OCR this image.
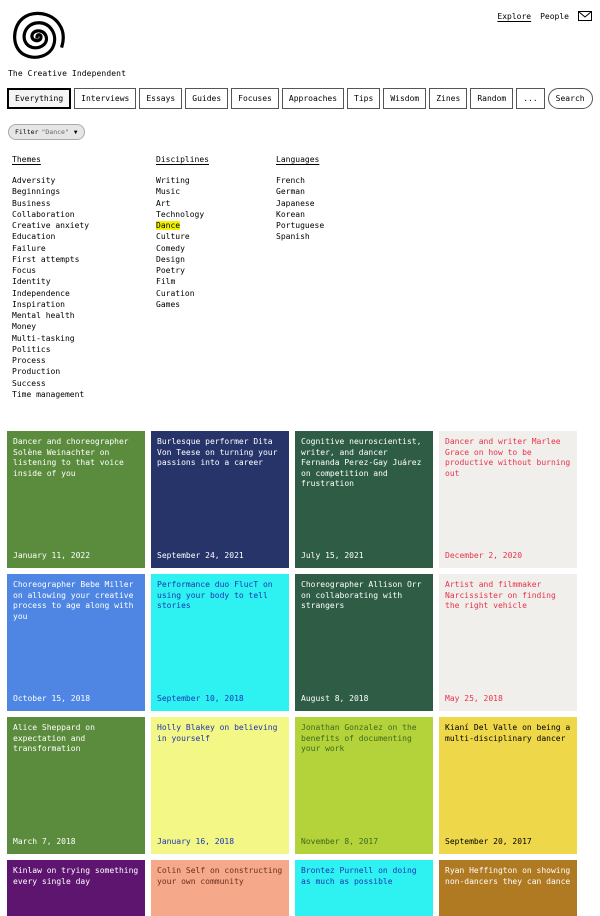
The Creative Independent
Explore People
Everything	Interviews	Essays	Guides	Focuses	Approaches	Tips	Wisdom	Zines	Random	...	Search
Filter "Dance" ▼
Themes
Adversity
Beginnings
Business
Collaboration
Creative anxiety
Education
Failure
First attempts
Focus
Identity
Independence
Inspiration
Mental health
Money
Multi-tasking
Politics
Process
Production
Success
Time management
Disciplines
Writing
Music
Art
Technology
Dance
Culture
Comedy
Design
Poetry
Film
Curation
Games
Languages
French
German
Japanese
Korean
Portuguese
Spanish
Dancer and choreographer Solène Weinachter on listening to that voice inside of you
January 11, 2022
Burlesque performer Dita Von Teese on turning your passions into a career
September 24, 2021
Cognitive neuroscientist, writer, and dancer Fernanda Perez-Gay Juárez on competition and frustration
July 15, 2021
Dancer and writer Marlee Grace on how to be productive without burning out
December 2, 2020
Choreographer Bebe Miller on allowing your creative process to age along with you
October 15, 2018
Performance duo FlucT on using your body to tell stories
September 10, 2018
Choreographer Allison Orr on collaborating with strangers
August 8, 2018
Artist and filmmaker Narcissister on finding the right vehicle
May 25, 2018
Alice Sheppard on expectation and transformation
March 7, 2018
Holly Blakey on believing in yourself
January 16, 2018
Jonathan Gonzalez on the benefits of documenting your work
November 8, 2017
Kianí Del Valle on being a multi-disciplinary dancer
September 20, 2017
Kinlaw on trying something every single day
Colin Self on constructing your own community
Brontez Purnell on doing as much as possible
Ryan Heffington on showing non-dancers they can dance
